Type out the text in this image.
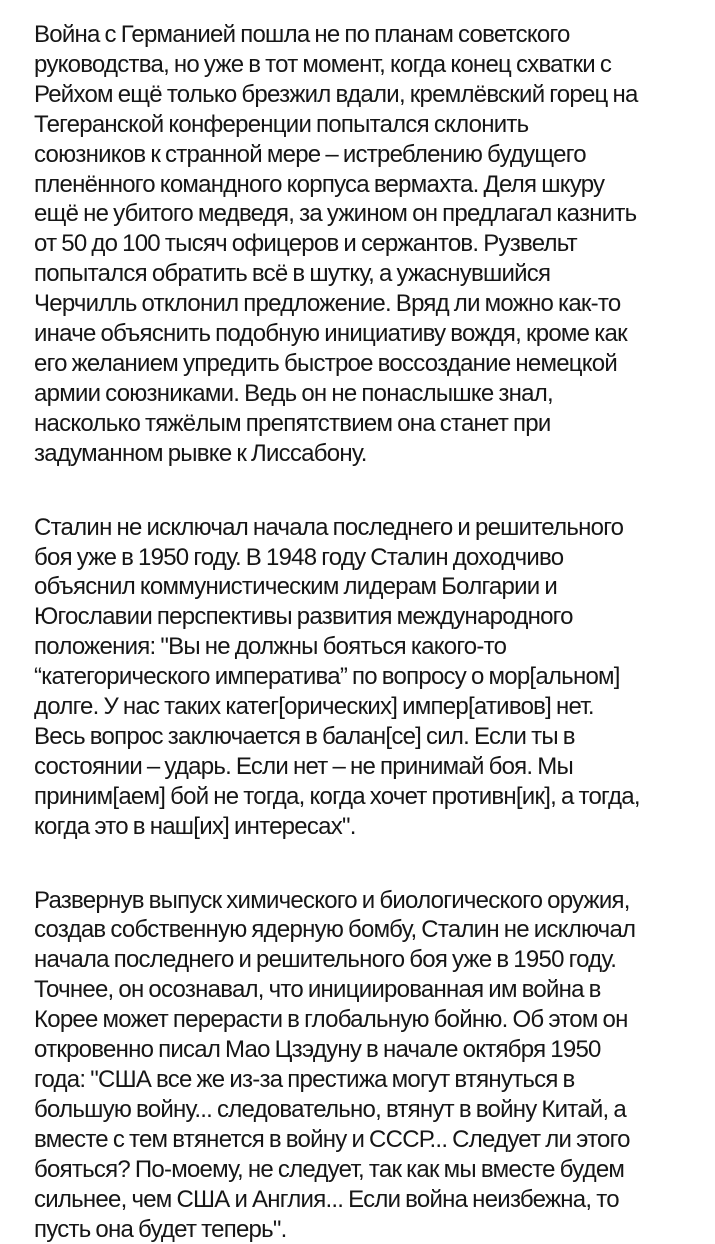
Война с Германией пошла не по планам советского
руководства, но уже в тот момент, когда конец схватки с
Рейхом ещё только брезжил вдали, кремлёвский горец на
Тегеранской конференции попытался склонить
союзников к странной мере – истреблению будущего
пленённого командного корпуса вермахта. Деля шкуру
ещё не убитого медведя, за ужином он предлагал казнить
от 50 до 100 тысяч офицеров и сержантов. Рузвельт
попытался обратить всё в шутку, а ужаснувшийся
Черчилль отклонил предложение. Вряд ли можно как-то
иначе объяснить подобную инициативу вождя, кроме как
его желанием упредить быстрое воссоздание немецкой
армии союзниками. Ведь он не понаслышке знал,
насколько тяжёлым препятствием она станет при
задуманном рывке к Лиссабону.

Сталин не исключал начала последнего и решительного
боя уже в 1950 году. В 1948 году Сталин доходчиво
объяснил коммунистическим лидерам Болгарии и
Югославии перспективы развития международного
положения: "Вы не должны бояться какого-то
“категорического императива” по вопросу о мор[альном]
долге. У нас таких катег[орических] импер[ативов] нет.
Весь вопрос заключается в балан[се] сил. Если ты в
состоянии – ударь. Если нет – не принимай боя. Мы
приним[аем] бой не тогда, когда хочет противн[ик], а тогда,
когда это в наш[их] интересах".

Развернув выпуск химического и биологического оружия,
создав собственную ядерную бомбу, Сталин не исключал
начала последнего и решительного боя уже в 1950 году.
Точнее, он осознавал, что инициированная им война в
Корее может перерасти в глобальную бойню. Об этом он
откровенно писал Мао Цзэдуну в начале октября 1950
года: "США все же из-за престижа могут втянуться в
большую войну... следовательно, втянут в войну Китай, а
вместе с тем втянется в войну и СССР... Следует ли этого
бояться? По-моему, не следует, так как мы вместе будем
сильнее, чем США и Англия... Если война неизбежна, то
пусть она будет теперь".
